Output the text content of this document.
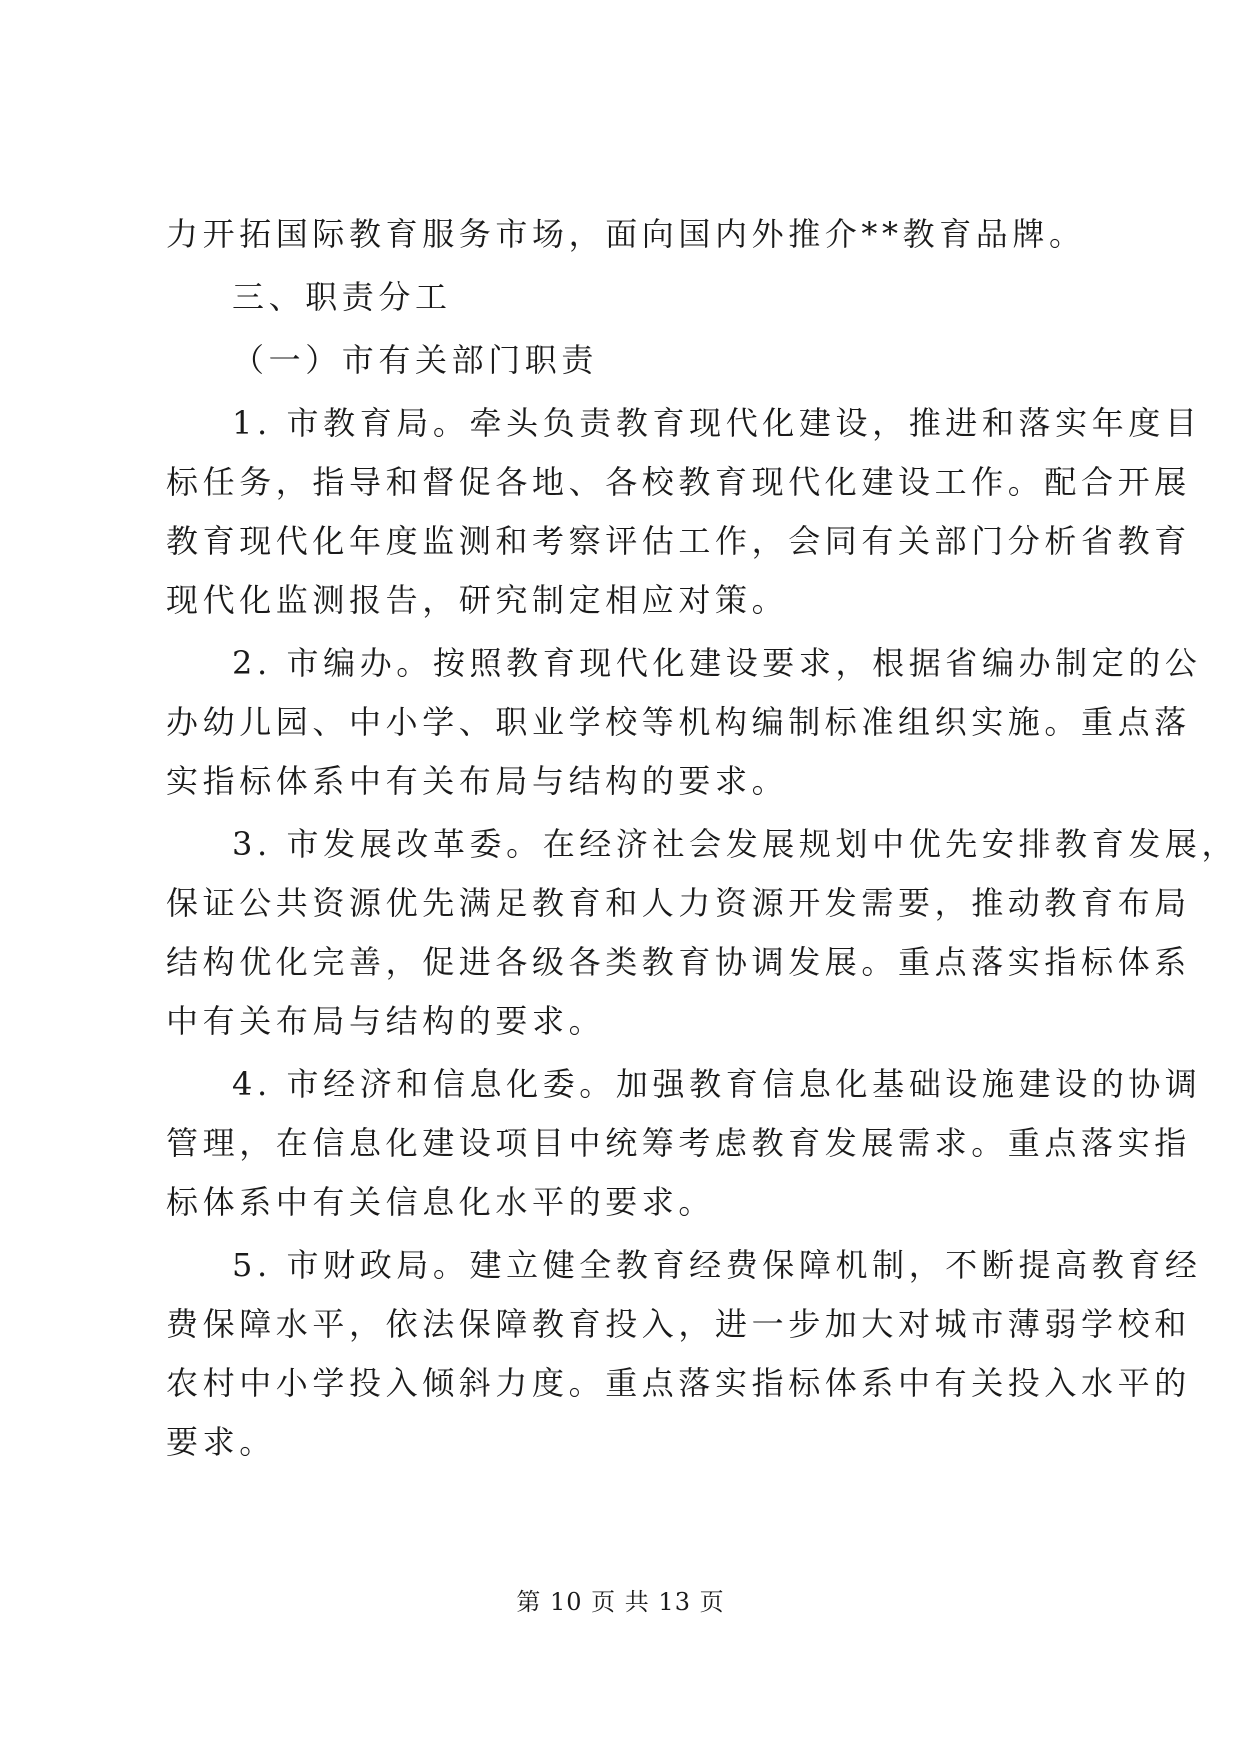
力开拓国际教育服务市场，面向国内外推介**教育品牌。
三、职责分工
（一）市有关部门职责
1. 市教育局。牵头负责教育现代化建设，推进和落实年度目
标任务，指导和督促各地、各校教育现代化建设工作。配合开展
教育现代化年度监测和考察评估工作，会同有关部门分析省教育
现代化监测报告，研究制定相应对策。
2. 市编办。按照教育现代化建设要求，根据省编办制定的公
办幼儿园、中小学、职业学校等机构编制标准组织实施。重点落
实指标体系中有关布局与结构的要求。
3. 市发展改革委。在经济社会发展规划中优先安排教育发展，
保证公共资源优先满足教育和人力资源开发需要，推动教育布局
结构优化完善，促进各级各类教育协调发展。重点落实指标体系
中有关布局与结构的要求。
4. 市经济和信息化委。加强教育信息化基础设施建设的协调
管理，在信息化建设项目中统筹考虑教育发展需求。重点落实指
标体系中有关信息化水平的要求。
5. 市财政局。建立健全教育经费保障机制，不断提高教育经
费保障水平，依法保障教育投入，进一步加大对城市薄弱学校和
农村中小学投入倾斜力度。重点落实指标体系中有关投入水平的
要求。
第 10 页 共 13 页
